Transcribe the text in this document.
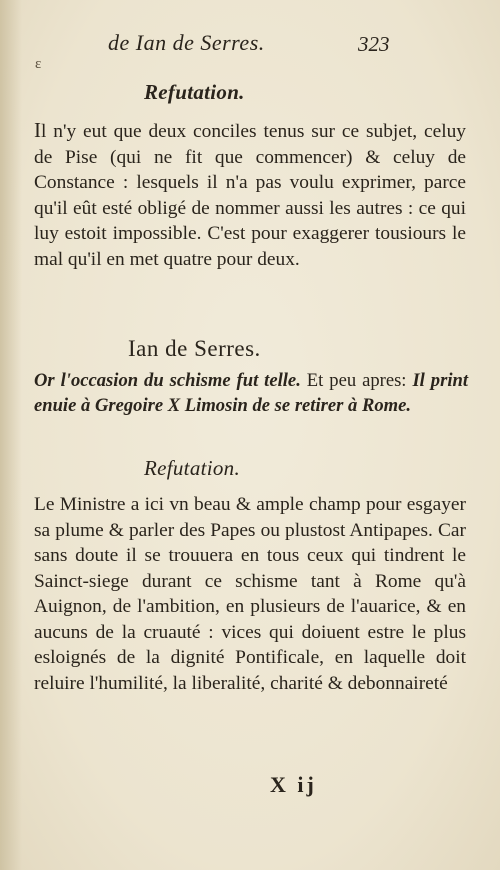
de Ian de Serres.	323
ɛ
Refutation.
Il n'y eut que deux conciles tenus sur ce subjet, celuy de Pise (qui ne fit que commencer) & celuy de Constance : lesquels il n'a pas voulu exprimer, parce qu'il eût esté obligé de nommer aussi les autres : ce qui luy estoit impossible. C'est pour exaggerer tousiours le mal qu'il en met quatre pour deux.
Ian de Serres.
Or l'occasion du schisme fut telle. Et peu apres: Il print enuie à Gregoire X Limosin de se retirer à Rome.
Refutation.
Le Ministre a ici vn beau & ample champ pour esgayer sa plume & parler des Papes ou plustost Antipapes. Car sans doute il se trouuera en tous ceux qui tindrent le Sainct-siege durant ce schisme tant à Rome qu'à Auignon, de l'ambition, en plusieurs de l'auarice, & en aucuns de la cruauté : vices qui doiuent estre le plus esloignés de la dignité Pontificale, en laquelle doit reluire l'humilité, la liberalité, charité & debonnaireté
X ij
